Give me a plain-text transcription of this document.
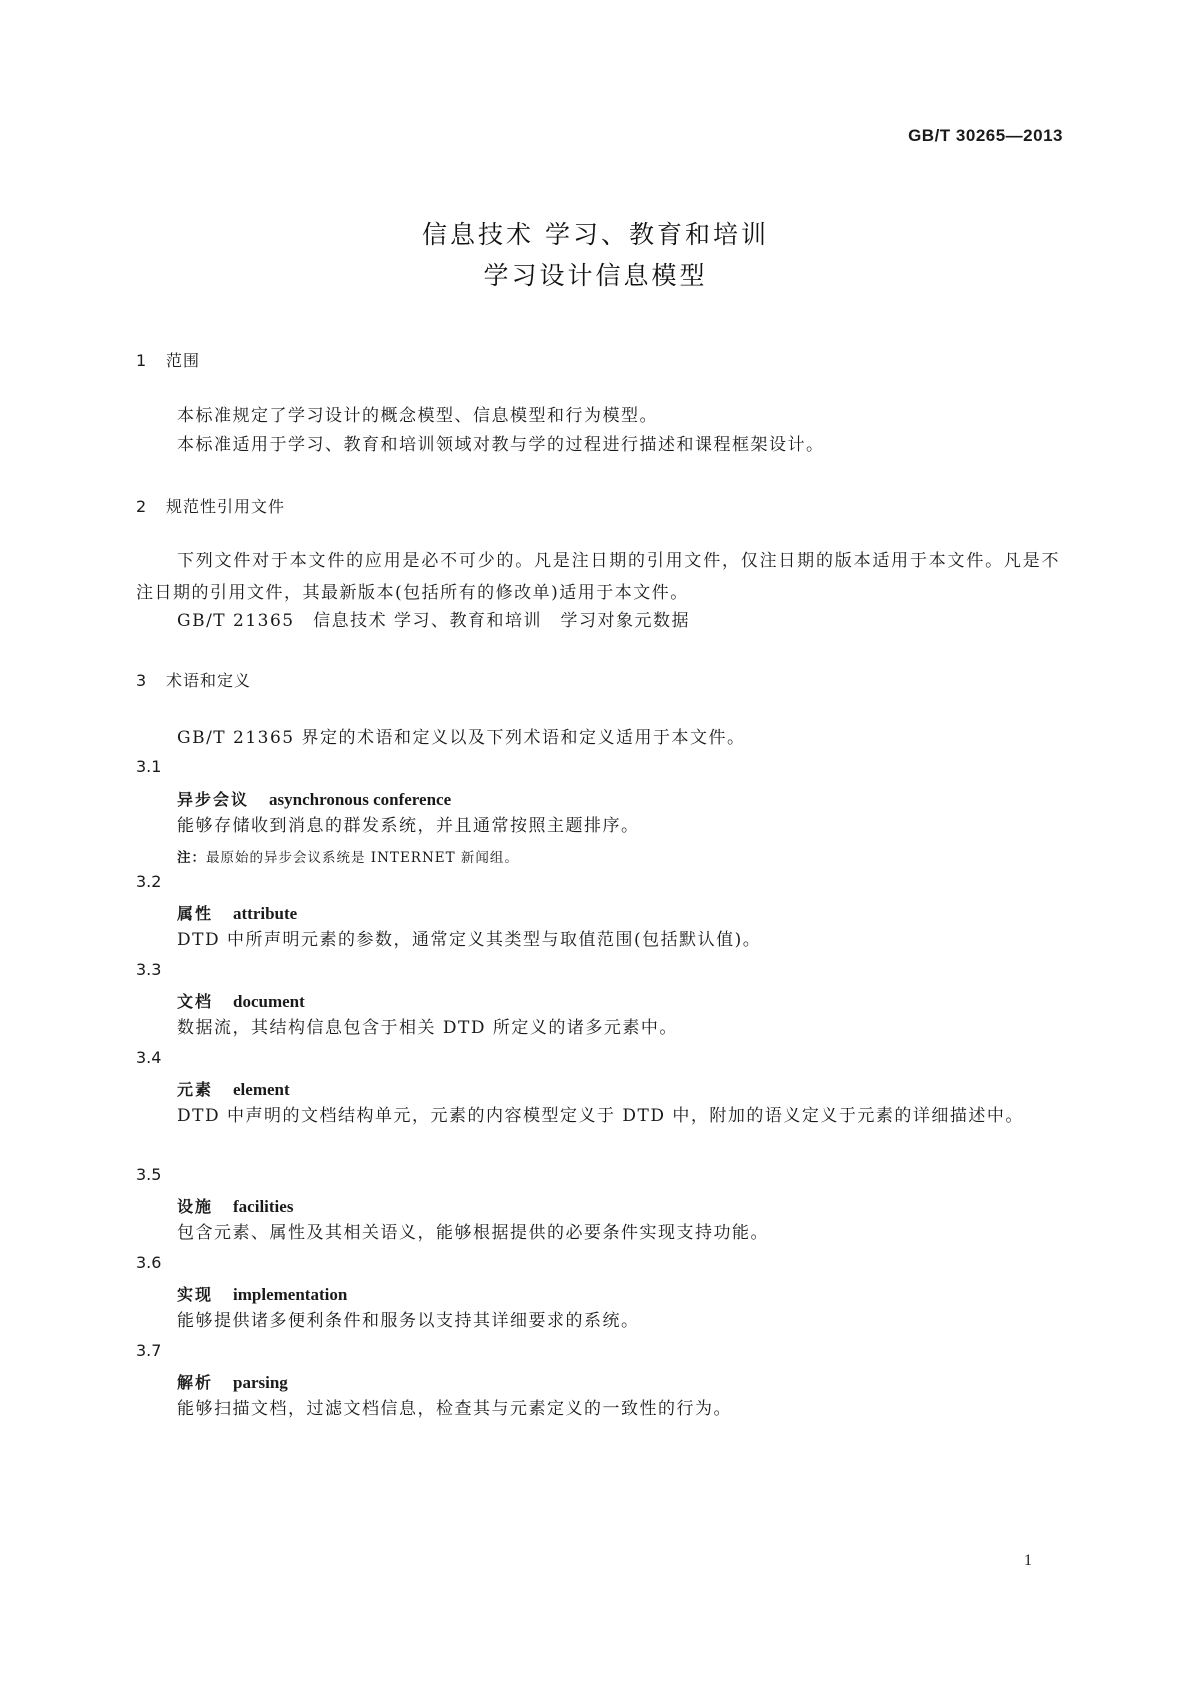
GB/T 30265—2013
信息技术 学习、教育和培训
学习设计信息模型
1 范围
本标准规定了学习设计的概念模型、信息模型和行为模型。
本标准适用于学习、教育和培训领域对教与学的过程进行描述和课程框架设计。
2 规范性引用文件
下列文件对于本文件的应用是必不可少的。凡是注日期的引用文件，仅注日期的版本适用于本文件。凡是不注日期的引用文件，其最新版本(包括所有的修改单)适用于本文件。
GB/T 21365　信息技术 学习、教育和培训　学习对象元数据
3 术语和定义
GB/T 21365 界定的术语和定义以及下列术语和定义适用于本文件。
3.1
异步会议 asynchronous conference
能够存储收到消息的群发系统，并且通常按照主题排序。
注：最原始的异步会议系统是 INTERNET 新闻组。
3.2
属性 attribute
DTD 中所声明元素的参数，通常定义其类型与取值范围(包括默认值)。
3.3
文档 document
数据流，其结构信息包含于相关 DTD 所定义的诸多元素中。
3.4
元素 element
DTD 中声明的文档结构单元，元素的内容模型定义于 DTD 中，附加的语义定义于元素的详细描述中。
3.5
设施 facilities
包含元素、属性及其相关语义，能够根据提供的必要条件实现支持功能。
3.6
实现 implementation
能够提供诸多便利条件和服务以支持其详细要求的系统。
3.7
解析 parsing
能够扫描文档，过滤文档信息，检查其与元素定义的一致性的行为。
1
